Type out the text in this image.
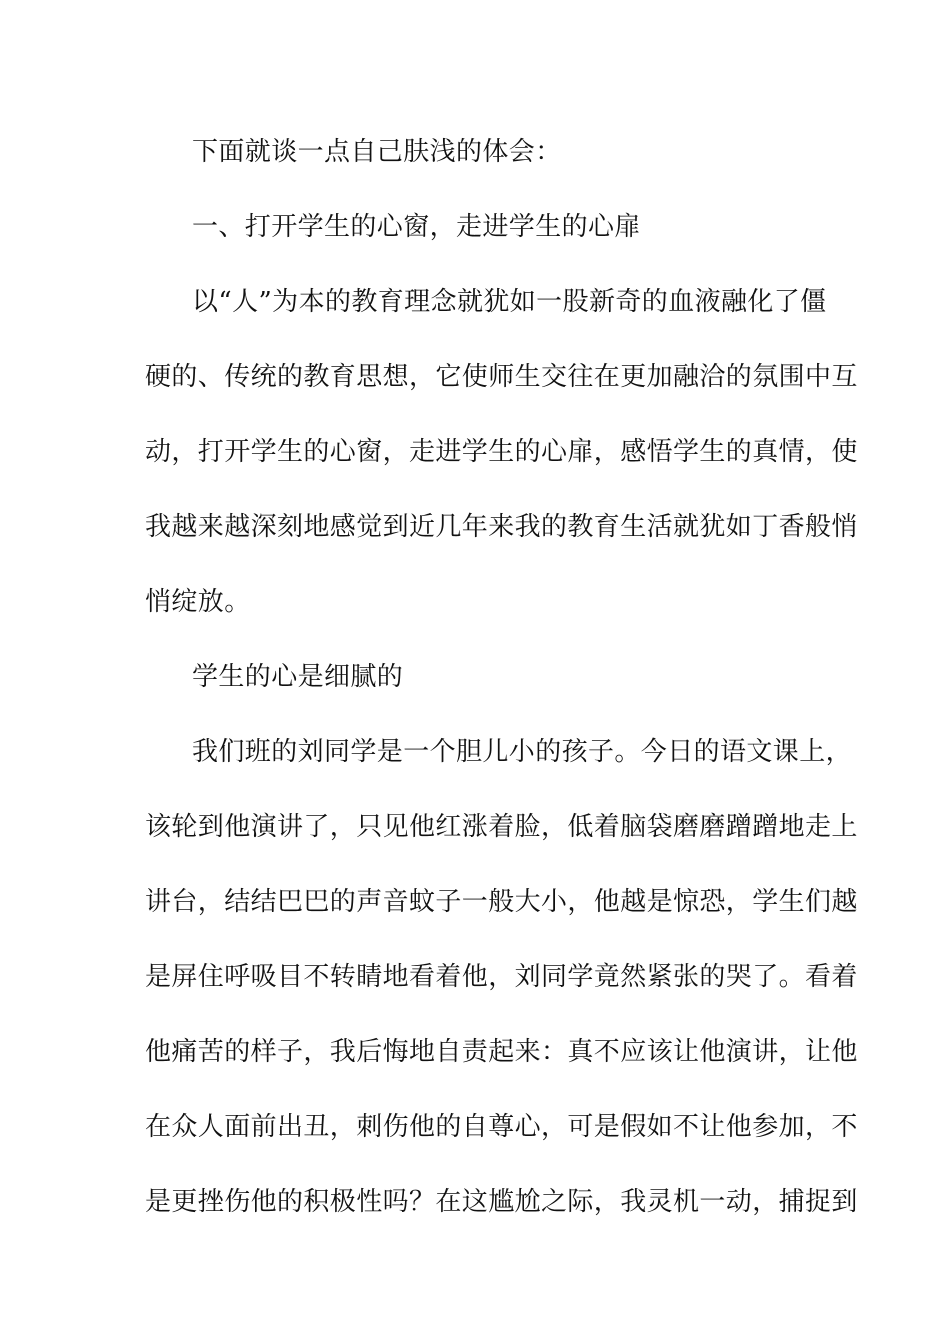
下面就谈一点自己肤浅的体会：
一、打开学生的心窗，走进学生的心扉
以“人”为本的教育理念就犹如一股新奇的血液融化了僵
硬的、传统的教育思想，它使师生交往在更加融洽的氛围中互
动，打开学生的心窗，走进学生的心扉，感悟学生的真情，使
我越来越深刻地感觉到近几年来我的教育生活就犹如丁香般悄
悄绽放。
学生的心是细腻的
我们班的刘同学是一个胆儿小的孩子。今日的语文课上，
该轮到他演讲了，只见他红涨着脸，低着脑袋磨磨蹭蹭地走上
讲台，结结巴巴的声音蚊子一般大小，他越是惊恐，学生们越
是屏住呼吸目不转睛地看着他，刘同学竟然紧张的哭了。看着
他痛苦的样子，我后悔地自责起来：真不应该让他演讲，让他
在众人面前出丑，刺伤他的自尊心，可是假如不让他参加，不
是更挫伤他的积极性吗？在这尴尬之际，我灵机一动，捕捉到
